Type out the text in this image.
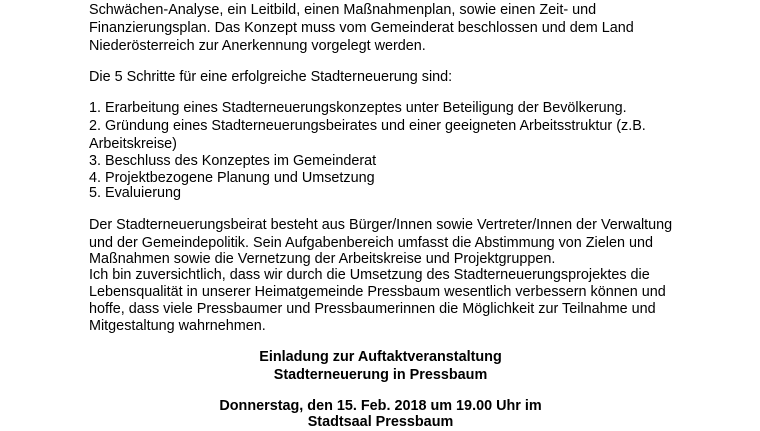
Schwächen-Analyse, ein Leitbild, einen Maßnahmenplan, sowie einen Zeit- und
Finanzierungsplan. Das Konzept muss vom Gemeinderat beschlossen und dem Land
Niederösterreich zur Anerkennung vorgelegt werden.
Die 5 Schritte für eine erfolgreiche Stadterneuerung sind:
1. Erarbeitung eines Stadterneuerungskonzeptes unter Beteiligung der Bevölkerung.
2. Gründung eines Stadterneuerungsbeirates und einer geeigneten Arbeitsstruktur (z.B.
Arbeitskreise)
3. Beschluss des Konzeptes im Gemeinderat
4. Projektbezogene Planung und Umsetzung
5. Evaluierung
Der Stadterneuerungsbeirat besteht aus Bürger/Innen sowie Vertreter/Innen der Verwaltung
und der Gemeindepolitik. Sein Aufgabenbereich umfasst die Abstimmung von Zielen und
Maßnahmen sowie die Vernetzung der Arbeitskreise und Projektgruppen.
Ich bin zuversichtlich, dass wir durch die Umsetzung des Stadterneuerungsprojektes die
Lebensqualität in unserer Heimatgemeinde Pressbaum wesentlich verbessern können und
hoffe, dass viele Pressbaumer und Pressbaumerinnen die Möglichkeit zur Teilnahme und
Mitgestaltung wahrnehmen.
Einladung zur Auftaktveranstaltung
Stadterneuerung in Pressbaum
Donnerstag, den 15. Feb. 2018 um 19.00 Uhr im
Stadtsaal Pressbaum
